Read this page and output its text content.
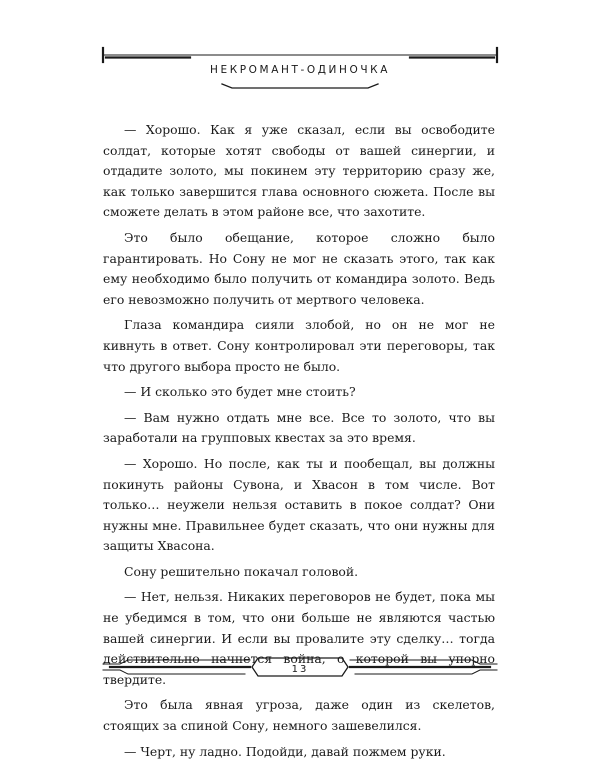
НЕКРОМАНТ-ОДИНОЧКА

— Хорошо. Как я уже сказал, если вы освободите солдат, которые хотят свободы от вашей синергии, и отдадите золото, мы покинем эту территорию сразу же, как только завершится глава основного сюжета. После вы сможете делать в этом районе все, что захотите.

Это было обещание, которое сложно было гарантировать. Но Сону не мог не сказать этого, так как ему необходимо было получить от командира золото. Ведь его невозможно получить от мертвого человека.

Глаза командира сияли злобой, но он не мог не кивнуть в ответ. Сону контролировал эти переговоры, так что другого выбора просто не было.

— И сколько это будет мне стоить?

— Вам нужно отдать мне все. Все то золото, что вы заработали на групповых квестах за это время.

— Хорошо. Но после, как ты и пообещал, вы должны покинуть районы Сувона, и Хвасон в том числе. Вот только… неужели нельзя оставить в покое солдат? Они нужны мне. Правильнее будет сказать, что они нужны для защиты Хвасона.

Сону решительно покачал головой.

— Нет, нельзя. Никаких переговоров не будет, пока мы не убедимся в том, что они больше не являются частью вашей синергии. И если вы провалите эту сделку… тогда действительно начнется война, о которой вы упорно твердите.

Это была явная угроза, даже один из скелетов, стоящих за спиной Сону, немного зашевелился.

— Черт, ну ладно. Подойди, давай пожмем руки.

13
